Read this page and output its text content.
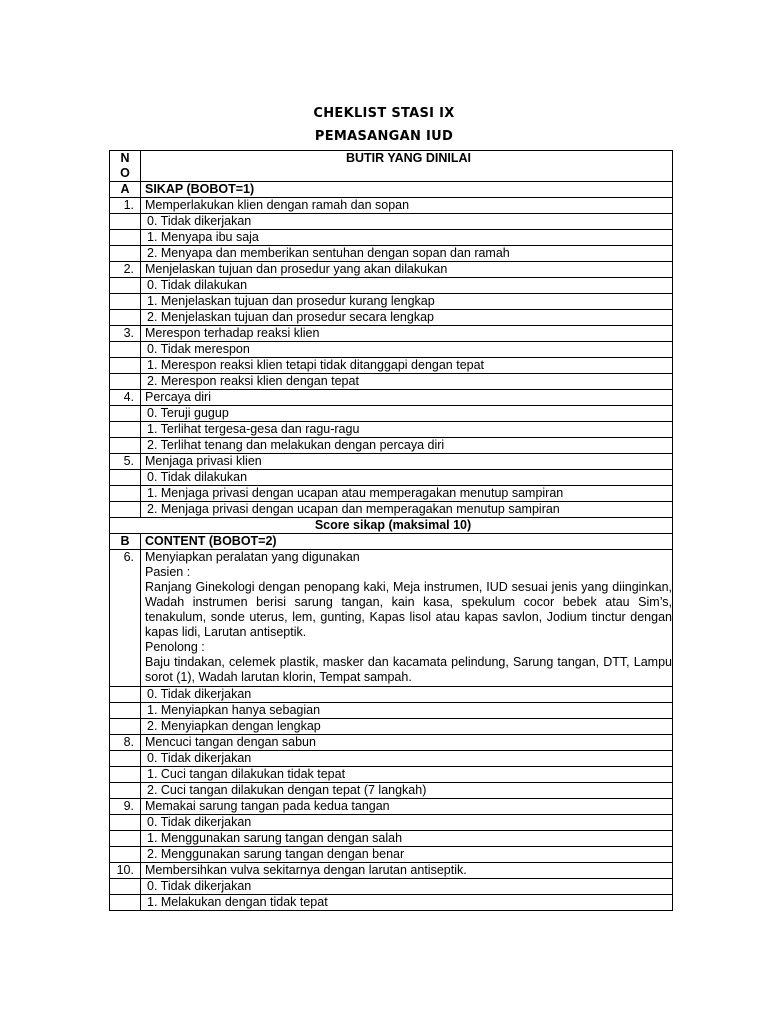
CHEKLIST STASI IX
PEMASANGAN IUD
N
O	BUTIR YANG DINILAI
A	SIKAP (BOBOT=1)
1.	Memperlakukan klien dengan ramah dan sopan
	0. Tidak dikerjakan
	1. Menyapa ibu saja
	2. Menyapa dan memberikan sentuhan dengan sopan dan ramah
2.	Menjelaskan tujuan dan prosedur yang akan dilakukan
	0. Tidak dilakukan
	1. Menjelaskan tujuan dan prosedur kurang lengkap
	2. Menjelaskan tujuan dan prosedur secara lengkap
3.	Merespon terhadap reaksi klien
	0. Tidak merespon
	1. Merespon reaksi klien tetapi tidak ditanggapi dengan tepat
	2. Merespon reaksi klien dengan tepat
4.	Percaya diri
	0. Teruji gugup
	1. Terlihat tergesa-gesa dan ragu-ragu
	2. Terlihat tenang dan melakukan dengan percaya diri
5.	Menjaga privasi klien
	0. Tidak dilakukan
	1. Menjaga privasi dengan ucapan atau memperagakan menutup sampiran
	2. Menjaga privasi dengan ucapan dan memperagakan menutup sampiran
Score sikap (maksimal 10)	
B	CONTENT (BOBOT=2)
6.	Menyiapkan peralatan yang digunakan
Pasien :
Ranjang Ginekologi dengan penopang kaki, Meja instrumen, IUD sesuai jenis yang diinginkan, Wadah instrumen berisi sarung tangan, kain kasa, spekulum cocor bebek atau Sim’s, tenakulum, sonde uterus, lem, gunting, Kapas lisol atau kapas savlon, Jodium tinctur dengan kapas lidi, Larutan antiseptik.
Penolong :
Baju tindakan, celemek plastik, masker dan kacamata pelindung, Sarung tangan, DTT, Lampu sorot (1), Wadah larutan klorin, Tempat sampah.

	0. Tidak dikerjakan
	1. Menyiapkan hanya sebagian
	2. Menyiapkan dengan lengkap
8.	Mencuci tangan dengan sabun
	0. Tidak dikerjakan
	1. Cuci tangan dilakukan tidak tepat
	2. Cuci tangan dilakukan dengan tepat (7 langkah)
9.	Memakai sarung tangan pada kedua tangan
	0. Tidak dikerjakan
	1. Menggunakan sarung tangan dengan salah
	2. Menggunakan sarung tangan dengan benar
10.	Membersihkan vulva sekitarnya dengan larutan antiseptik.
	0. Tidak dikerjakan
	1. Melakukan dengan tidak tepat
